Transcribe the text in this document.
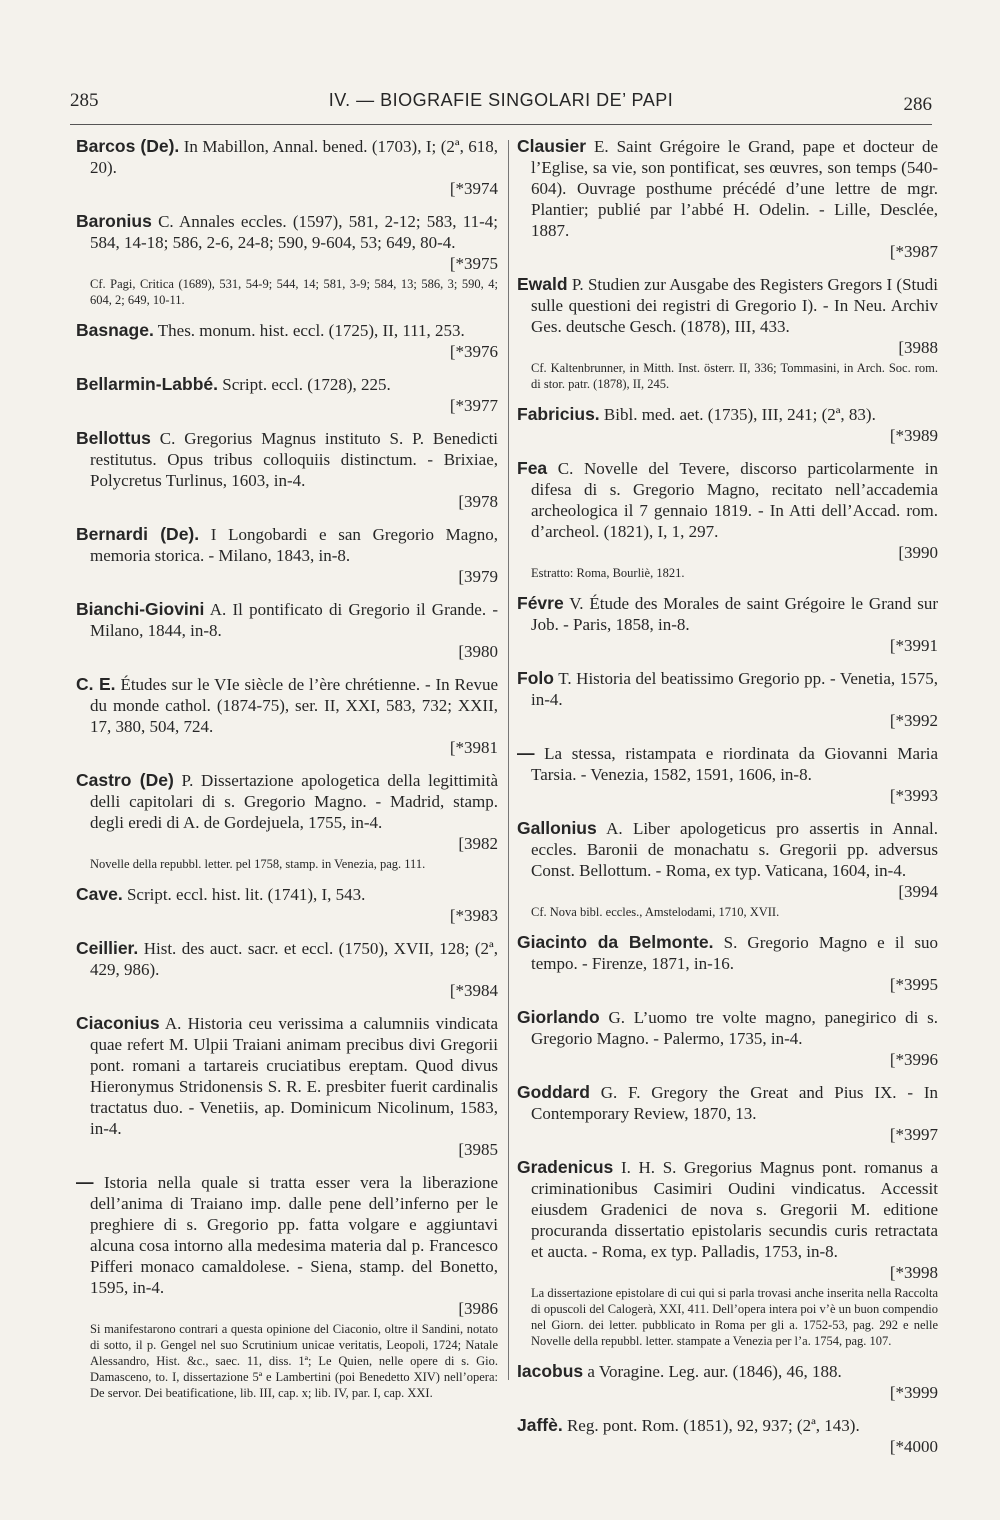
285	IV. — BIOGRAFIE SINGOLARI DE’ PAPI	286
Barcos (De). In Mabillon, Annal. bened. (1703), I; (2ª, 618, 20).
[*3974
Baronius C. Annales eccles. (1597), 581, 2-12; 583, 11-4; 584, 14-18; 586, 2-6, 24-8; 590, 9-604, 53; 649, 80-4.
[*3975
Cf. Pagi, Critica (1689), 531, 54-9; 544, 14; 581, 3-9; 584, 13; 586, 3; 590, 4; 604, 2; 649, 10-11.
Basnage. Thes. monum. hist. eccl. (1725), II, 111, 253.
[*3976
Bellarmin-Labbé. Script. eccl. (1728), 225.
[*3977
Bellottus C. Gregorius Magnus instituto S. P. Benedicti restitutus. Opus tribus colloquiis distinctum. - Brixiae, Polycretus Turlinus, 1603, in-4.
[3978
Bernardi (De). I Longobardi e san Gregorio Magno, memoria storica. - Milano, 1843, in-8.
[3979
Bianchi-Giovini A. Il pontificato di Gregorio il Grande. - Milano, 1844, in-8.
[3980
C. E. Études sur le VIe siècle de l’ère chrétienne. - In Revue du monde cathol. (1874-75), ser. II, XXI, 583, 732; XXII, 17, 380, 504, 724.
[*3981
Castro (De) P. Dissertazione apologetica della legittimità delli capitolari di s. Gregorio Magno. - Madrid, stamp. degli eredi di A. de Gordejuela, 1755, in-4.
[3982
Novelle della repubbl. letter. pel 1758, stamp. in Venezia, pag. 111.
Cave. Script. eccl. hist. lit. (1741), I, 543.
[*3983
Ceillier. Hist. des auct. sacr. et eccl. (1750), XVII, 128; (2ª, 429, 986).
[*3984
Ciaconius A. Historia ceu verissima a calumniis vindicata quae refert M. Ulpii Traiani animam precibus divi Gregorii pont. romani a tartareis cruciatibus ereptam. Quod divus Hieronymus Stridonensis S. R. E. presbiter fuerit cardinalis tractatus duo. - Venetiis, ap. Dominicum Nicolinum, 1583, in-4.
[3985
— Istoria nella quale si tratta esser vera la liberazione dell’anima di Traiano imp. dalle pene dell’inferno per le preghiere di s. Gregorio pp. fatta volgare e aggiuntavi alcuna cosa intorno alla medesima materia dal p. Francesco Pifferi monaco camaldolese. - Siena, stamp. del Bonetto, 1595, in-4.
[3986
Si manifestarono contrari a questa opinione del Ciaconio, oltre il Sandini, notato di sotto, il p. Gengel nel suo Scrutinium unicae veritatis, Leopoli, 1724; Natale Alessandro, Hist. &c., saec. 11, diss. 1ª; Le Quien, nelle opere di s. Gio. Damasceno, to. I, dissertazione 5ª e Lambertini (poi Benedetto XIV) nell’opera: De servor. Dei beatificatione, lib. III, cap. x; lib. IV, par. I, cap. XXI.
Clausier E. Saint Grégoire le Grand, pape et docteur de l’Eglise, sa vie, son pontificat, ses œuvres, son temps (540-604). Ouvrage posthume précédé d’une lettre de mgr. Plantier; publié par l’abbé H. Odelin. - Lille, Desclée, 1887.
[*3987
Ewald P. Studien zur Ausgabe des Registers Gregors I (Studi sulle questioni dei registri di Gregorio I). - In Neu. Archiv Ges. deutsche Gesch. (1878), III, 433.
[3988
Cf. Kaltenbrunner, in Mitth. Inst. österr. II, 336; Tommasini, in Arch. Soc. rom. di stor. patr. (1878), II, 245.
Fabricius. Bibl. med. aet. (1735), III, 241; (2ª, 83).
[*3989
Fea C. Novelle del Tevere, discorso particolarmente in difesa di s. Gregorio Magno, recitato nell’accademia archeologica il 7 gennaio 1819. - In Atti dell’Accad. rom. d’archeol. (1821), I, 1, 297.
[3990
Estratto: Roma, Bourliè, 1821.
Févre V. Étude des Morales de saint Grégoire le Grand sur Job. - Paris, 1858, in-8.
[*3991
Folo T. Historia del beatissimo Gregorio pp. - Venetia, 1575, in-4.
[*3992
— La stessa, ristampata e riordinata da Giovanni Maria Tarsia. - Venezia, 1582, 1591, 1606, in-8.
[*3993
Gallonius A. Liber apologeticus pro assertis in Annal. eccles. Baronii de monachatu s. Gregorii pp. adversus Const. Bellottum. - Roma, ex typ. Vaticana, 1604, in-4.
[3994
Cf. Nova bibl. eccles., Amstelodami, 1710, XVII.
Giacinto da Belmonte. S. Gregorio Magno e il suo tempo. - Firenze, 1871, in-16.
[*3995
Giorlando G. L’uomo tre volte magno, panegirico di s. Gregorio Magno. - Palermo, 1735, in-4.
[*3996
Goddard G. F. Gregory the Great and Pius IX. - In Contemporary Review, 1870, 13.
[*3997
Gradenicus I. H. S. Gregorius Magnus pont. romanus a criminationibus Casimiri Oudini vindicatus. Accessit eiusdem Gradenici de nova s. Gregorii M. editione procuranda dissertatio epistolaris secundis curis retractata et aucta. - Roma, ex typ. Palladis, 1753, in-8.
[*3998
La dissertazione epistolare di cui qui si parla trovasi anche inserita nella Raccolta di opuscoli del Calogerà, XXI, 411. Dell’opera intera poi v’è un buon compendio nel Giorn. dei letter. pubblicato in Roma per gli a. 1752-53, pag. 292 e nelle Novelle della repubbl. letter. stampate a Venezia per l’a. 1754, pag. 107.
Iacobus a Voragine. Leg. aur. (1846), 46, 188.
[*3999
Jaffè. Reg. pont. Rom. (1851), 92, 937; (2ª, 143).
[*4000
